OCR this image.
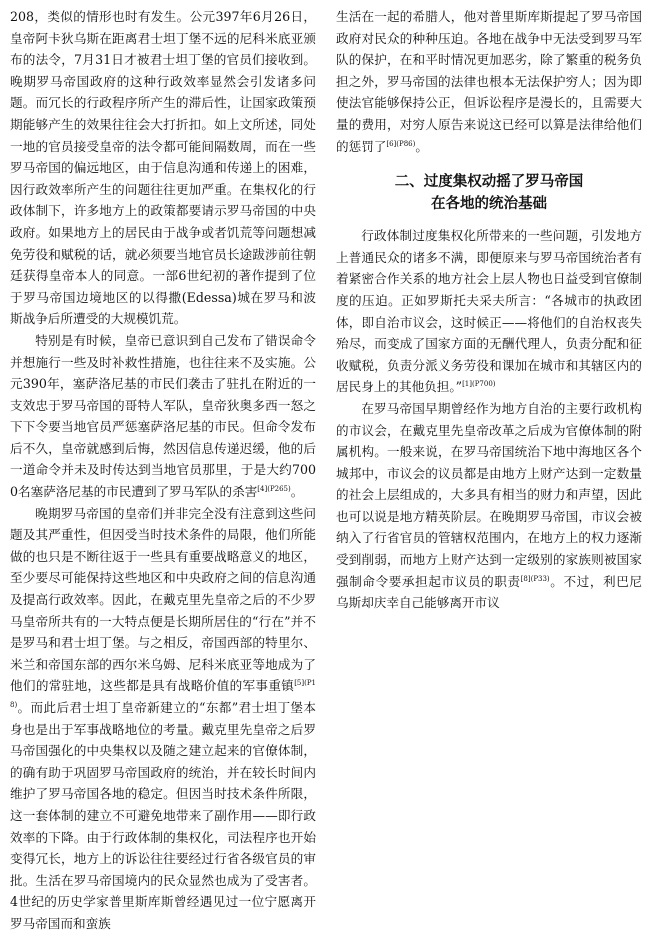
208，类似的情形也时有发生。公元397年6月26日，皇帝阿卡狄乌斯在距离君士坦丁堡不远的尼科米底亚颁布的法令，7月31日才被君士坦丁堡的官员们接收到。晚期罗马帝国政府的这种行政效率显然会引发诸多问题。而冗长的行政程序所产生的滞后性，让国家政策预期能够产生的效果往往会大打折扣。如上文所述，同处一地的官员接受皇帝的法令都可能间隔数周，而在一些罗马帝国的偏远地区，由于信息沟通和传递上的困难，因行政效率所产生的问题往往更加严重。在集权化的行政体制下，许多地方上的政策都要请示罗马帝国的中央政府。如果地方上的居民由于战争或者饥荒等问题想减免劳役和赋税的话，就必须要当地官员长途跋涉前往朝廷获得皇帝本人的同意。一部6世纪初的著作提到了位于罗马帝国边境地区的以得撒(Edessa)城在罗马和波斯战争后所遭受的大规模饥荒。

特别是有时候，皇帝已意识到自己发布了错误命令并想施行一些及时补救性措施，也往往来不及实施。公元390年，塞萨洛尼基的市民们袭击了驻扎在附近的一支效忠于罗马帝国的哥特人军队，皇帝狄奥多西一怒之下下令要当地官员严惩塞萨洛尼基的市民。但命令发布后不久，皇帝就感到后悔，然因信息传递迟缓，他的后一道命令并未及时传达到当地官员那里，于是大约7000名塞萨洛尼基的市民遭到了罗马军队的杀害$^{[4](P265)}$。

晚期罗马帝国的皇帝们并非完全没有注意到这些问题及其严重性，但因受当时技术条件的局限，他们所能做的也只是不断往返于一些具有重要战略意义的地区，至少要尽可能保持这些地区和中央政府之间的信息沟通及提高行政效率。因此，在戴克里先皇帝之后的不少罗马皇帝所共有的一大特点便是长期所居住的“行在”并不是罗马和君士坦丁堡。与之相反，帝国西部的特里尔、米兰和帝国东部的西尔米乌姆、尼科米底亚等地成为了他们的常驻地，这些都是具有战略价值的军事重镇$^{[5](P18)}$。而此后君士坦丁皇帝新建立的“东都”君士坦丁堡本身也是出于军事战略地位的考量。戴克里先皇帝之后罗马帝国强化的中央集权以及随之建立起来的官僚体制，的确有助于巩固罗马帝国政府的统治，并在较长时间内维护了罗马帝国各地的稳定。但因当时技术条件所限，这一套体制的建立不可避免地带来了副作用——即行政效率的下降。由于行政体制的集权化，司法程序也开始变得冗长，地方上的诉讼往往要经过行省各级官员的审批。生活在罗马帝国境内的民众显然也成为了受害者。4世纪的历史学家普里斯库斯曾经遇见过一位宁愿离开罗马帝国而和蛮族

生活在一起的希腊人，他对普里斯库斯提起了罗马帝国政府对民众的种种压迫。各地在战争中无法受到罗马军队的保护，在和平时情况更加恶劣，除了繁重的税务负担之外，罗马帝国的法律也根本无法保护穷人；因为即使法官能够保持公正，但诉讼程序是漫长的，且需要大量的费用，对穷人原告来说这已经可以算是法律给他们的惩罚了$^{[6](P86)}$。

二、过度集权动摇了罗马帝国
在各地的统治基础

行政体制过度集权化所带来的一些问题，引发地方上普通民众的诸多不满，即便原来与罗马帝国统治者有着紧密合作关系的地方社会上层人物也日益受到官僚制度的压迫。正如罗斯托夫采夫所言：“各城市的执政团体，即自治市议会，这时候正——将他们的自治权丧失殆尽，而变成了国家方面的无酬代理人，负责分配和征收赋税，负责分派义务劳役和课加在城市和其辖区内的居民身上的其他负担。”$^{[1](P700)}$

在罗马帝国早期曾经作为地方自治的主要行政机构的市议会，在戴克里先皇帝改革之后成为官僚体制的附属机构。一般来说，在罗马帝国统治下地中海地区各个城邦中，市议会的议员都是由地方上财产达到一定数量的社会上层组成的，大多具有相当的财力和声望，因此也可以说是地方精英阶层。在晚期罗马帝国，市议会被纳入了行省官员的管辖权范围内，在地方上的权力逐渐受到削弱，而地方上财产达到一定级别的家族则被国家强制命令要承担起市议员的职责$^{[8](P33)}$。不过，利巴尼乌斯却庆幸自己能够离开市议
